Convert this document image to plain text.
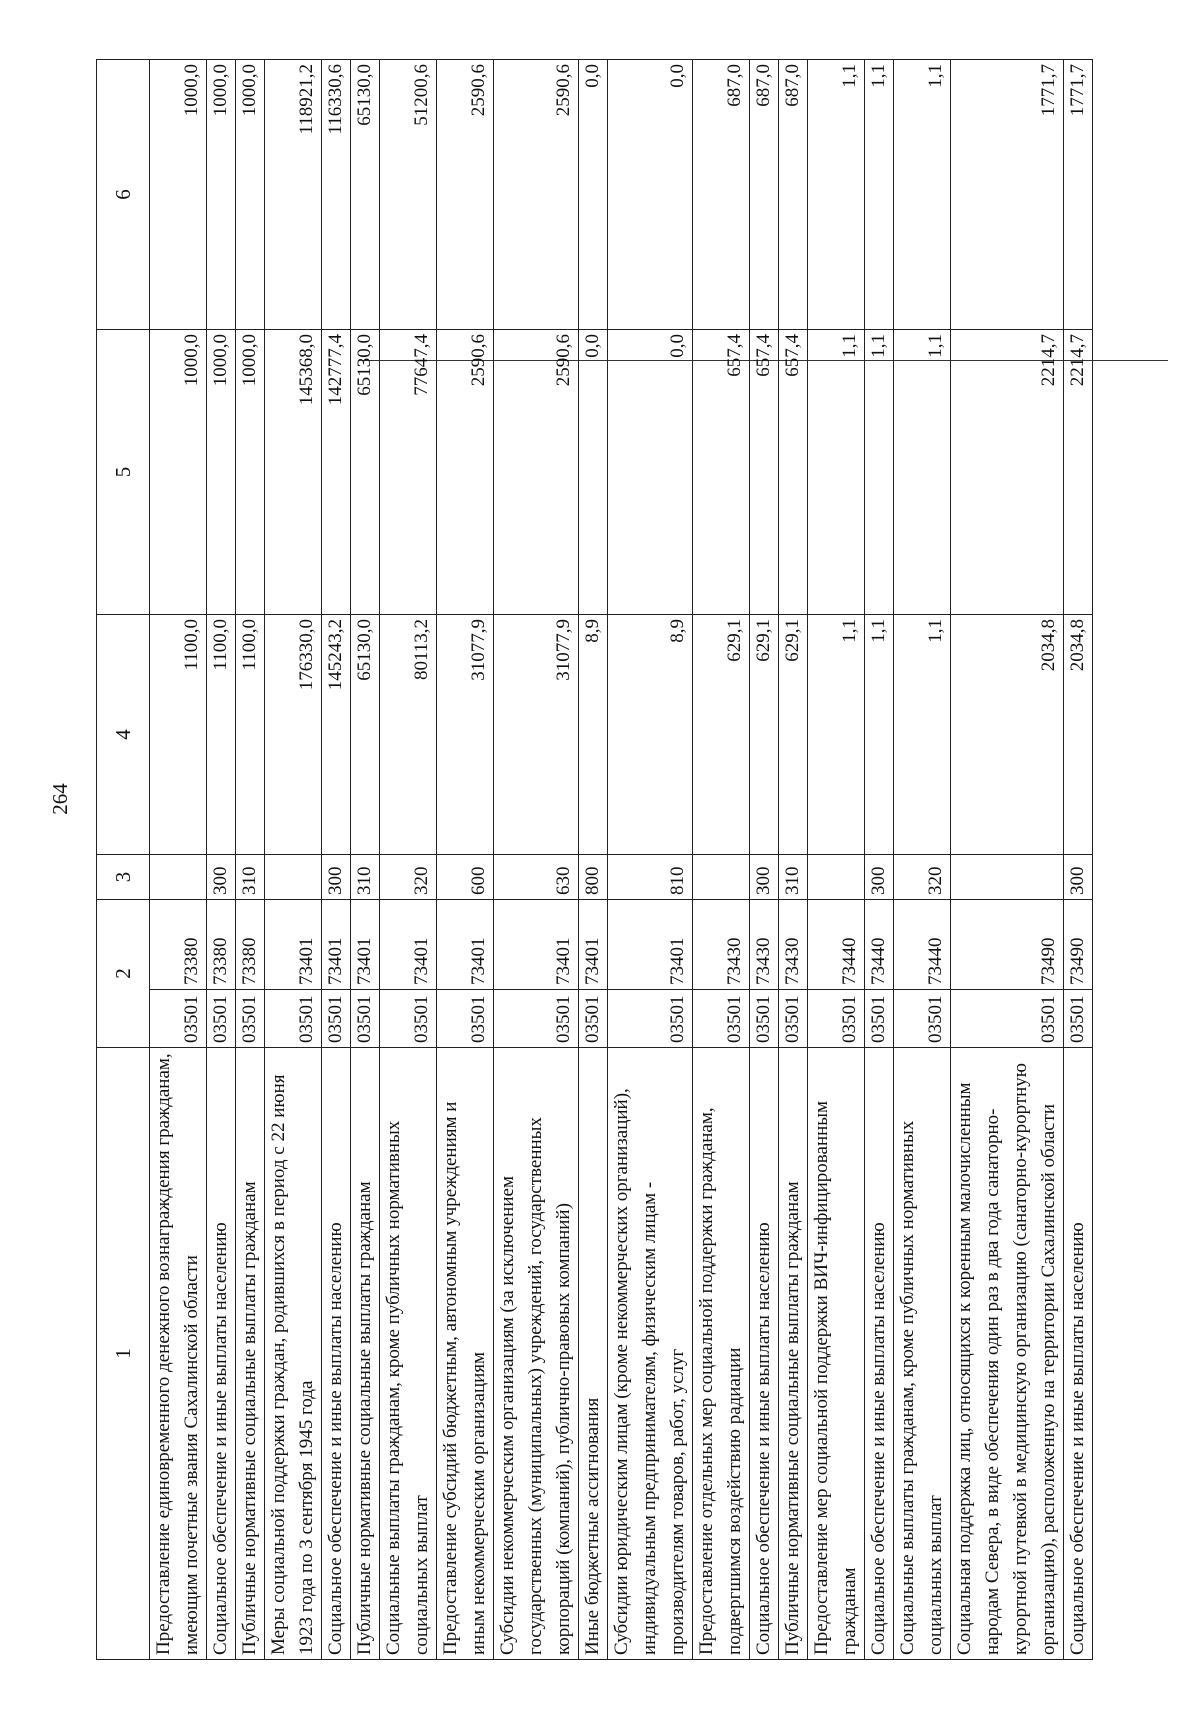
264
1	2		3	4	5	6
Предоставление единовременного денежного вознаграждения гражданам, имеющим почетные звания Сахалинской области	03501	73380		1100,0	1000,0	1000,0
Социальное обеспечение и иные выплаты населению	03501	73380	300	1100,0	1000,0	1000,0
Публичные нормативные социальные выплаты гражданам	03501	73380	310	1100,0	1000,0	1000,0
Меры социальной поддержки граждан, родившихся в период с 22 июня 1923 года по 3 сентября 1945 года	03501	73401		176330,0	145368,0	118921,2
Социальное обеспечение и иные выплаты населению	03501	73401	300	145243,2	142777,4	116330,6
Публичные нормативные социальные выплаты гражданам	03501	73401	310	65130,0	65130,0	65130,0
Социальные выплаты гражданам, кроме публичных нормативных социальных выплат	03501	73401	320	80113,2	77647,4	51200,6
Предоставление субсидий бюджетным, автономным учреждениям и иным некоммерческим организациям	03501	73401	600	31077,9	2590,6	2590,6
Субсидии некоммерческим организациям (за исключением государственных (муниципальных) учреждений, государственных корпораций (компаний), публично-правовых компаний)	03501	73401	630	31077,9	2590,6	2590,6
Иные бюджетные ассигнования	03501	73401	800	8,9	0,0	0,0
Субсидии юридическим лицам (кроме некоммерческих организаций), индивидуальным предпринимателям, физическим лицам - производителям товаров, работ, услуг	03501	73401	810	8,9	0,0	0,0
Предоставление отдельных мер социальной поддержки гражданам, подвергшимся воздействию радиации	03501	73430		629,1	657,4	687,0
Социальное обеспечение и иные выплаты населению	03501	73430	300	629,1	657,4	687,0
Публичные нормативные социальные выплаты гражданам	03501	73430	310	629,1	657,4	687,0
Предоставление мер социальной поддержки ВИЧ-инфицированным гражданам	03501	73440		1,1	1,1	1,1
Социальное обеспечение и иные выплаты населению	03501	73440	300	1,1	1,1	1,1
Социальные выплаты гражданам, кроме публичных нормативных социальных выплат	03501	73440	320	1,1	1,1	1,1
Социальная поддержка лиц, относящихся к коренным малочисленным народам Севера, в виде обеспечения один раз в два года санаторно-курортной путевкой в медицинскую организацию (санаторно-курортную организацию), расположенную на территории Сахалинской области	03501	73490		2034,8	2214,7	1771,7
Социальное обеспечение и иные выплаты населению	03501	73490	300	2034,8	2214,7	1771,7
